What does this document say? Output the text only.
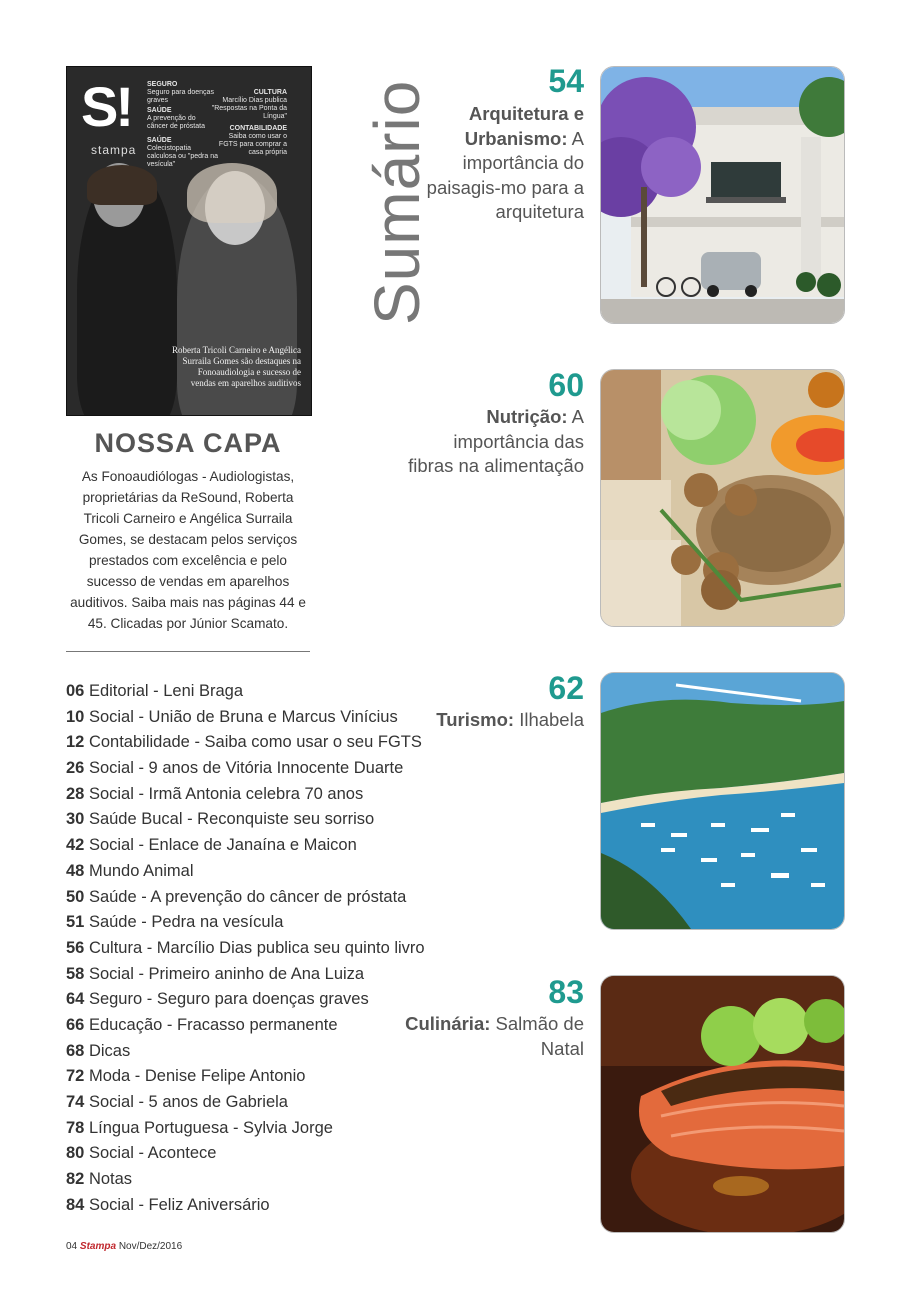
S!
stampa
SEGURO
Seguro para doenças graves
SAÚDE
A prevenção do câncer de próstata
SAÚDE
Colecistopatia calculosa ou "pedra na vesícula"
CULTURA
Marcílio Dias publica "Respostas na Ponta da Língua"
CONTABILIDADE
Saiba como usar o FGTS para comprar a casa própria
Roberta Tricoli Carneiro e Angélica Surraila Gomes são destaques na Fonoaudiologia e sucesso de vendas em aparelhos auditivos
NOSSA CAPA
As Fonoaudiólogas - Audiologistas, proprietárias da ReSound, Roberta Tricoli Carneiro e Angélica Surraila Gomes, se destacam pelos serviços prestados com excelência e pelo sucesso de vendas em aparelhos auditivos. Saiba mais nas páginas 44 e 45. Clicadas por Júnior Scamato.
Sumário
06 Editorial - Leni Braga
10 Social - União de Bruna e Marcus Vinícius
12 Contabilidade - Saiba como usar o seu FGTS
26 Social - 9 anos de Vitória Innocente Duarte
28 Social - Irmã Antonia celebra 70 anos
30 Saúde Bucal - Reconquiste seu sorriso
42 Social - Enlace de Janaína e Maicon
48 Mundo Animal
50 Saúde - A prevenção do câncer de próstata
51 Saúde - Pedra na vesícula
56 Cultura - Marcílio Dias publica seu quinto livro
58 Social - Primeiro aninho de Ana Luiza
64 Seguro - Seguro para doenças graves
66 Educação - Fracasso permanente
68 Dicas
72 Moda - Denise Felipe Antonio
74 Social - 5 anos de Gabriela
78 Língua Portuguesa - Sylvia Jorge
80 Social - Acontece
82 Notas
84 Social - Feliz Aniversário
54
Arquitetura e Urbanismo: A importância do paisagis-mo para a arquitetura
60
Nutrição: A importância das fibras na alimentação
62
Turismo: Ilhabela
83
Culinária: Salmão de Natal
04 Stampa Nov/Dez/2016
